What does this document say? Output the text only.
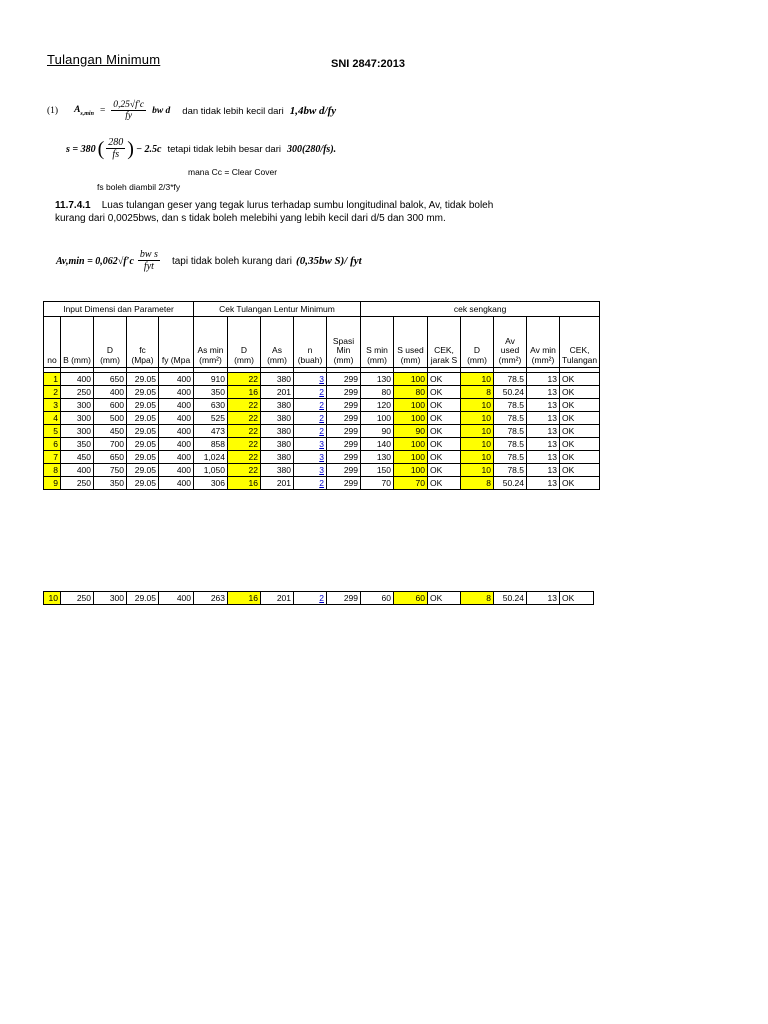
Tulangan Minimum	SNI 2847:2013
(1) $A_{s,min} = \frac{0,25√f'c}{fy}$ bw d dan tidak lebih kecil dari 1,4bw d/fy
s = 380 ( $\frac{280}{fs}$ ) − 2.5c tetapi tidak lebih besar dari 300(280/fs).
mana Cc = Clear Cover
fs boleh diambil 2/3*fy
11.7.4.1 Luas tulangan geser yang tegak lurus terhadap sumbu longitudinal balok, Av, tidak boleh kurang dari 0,0025bws, dan s tidak boleh melebihi yang lebih kecil dari d/5 dan 300 mm.
$Av,\min = 0,062√f'c \frac{\text{bw s}}{\text{fyt}}$ tapi tidak boleh kurang dari (0,35bw S)/ fyt
Input Dimensi dan Parameter					Cek Tulangan Lentur Minimum					cek sengkang						
no	B (mm)	D (mm)	fc (Mpa)	fy (Mpa	As min (mm²)	D (mm)	As (mm)	n (buah)	Spasi Min (mm)	S min (mm)	S used (mm)	CEK, jarak S	D (mm)	Av used (mm²)	Av min (mm²)	CEK, Tulangan

1	400	650	29.05	400	910	22	380	3	299	130	100	OK	10	78.5	13	OK
2	250	400	29.05	400	350	16	201	2	299	80	80	OK	8	50.24	13	OK
3	300	600	29.05	400	630	22	380	2	299	120	100	OK	10	78.5	13	OK
4	300	500	29.05	400	525	22	380	2	299	100	100	OK	10	78.5	13	OK
5	300	450	29.05	400	473	22	380	2	299	90	90	OK	10	78.5	13	OK
6	350	700	29.05	400	858	22	380	3	299	140	100	OK	10	78.5	13	OK
7	450	650	29.05	400	1,024	22	380	3	299	130	100	OK	10	78.5	13	OK
8	400	750	29.05	400	1,050	22	380	3	299	150	100	OK	10	78.5	13	OK
9	250	350	29.05	400	306	16	201	2	299	70	70	OK	8	50.24	13	OK
10	250	300	29.05	400	263	16	201	2	299	60	60	OK	8	50.24	13	OK
